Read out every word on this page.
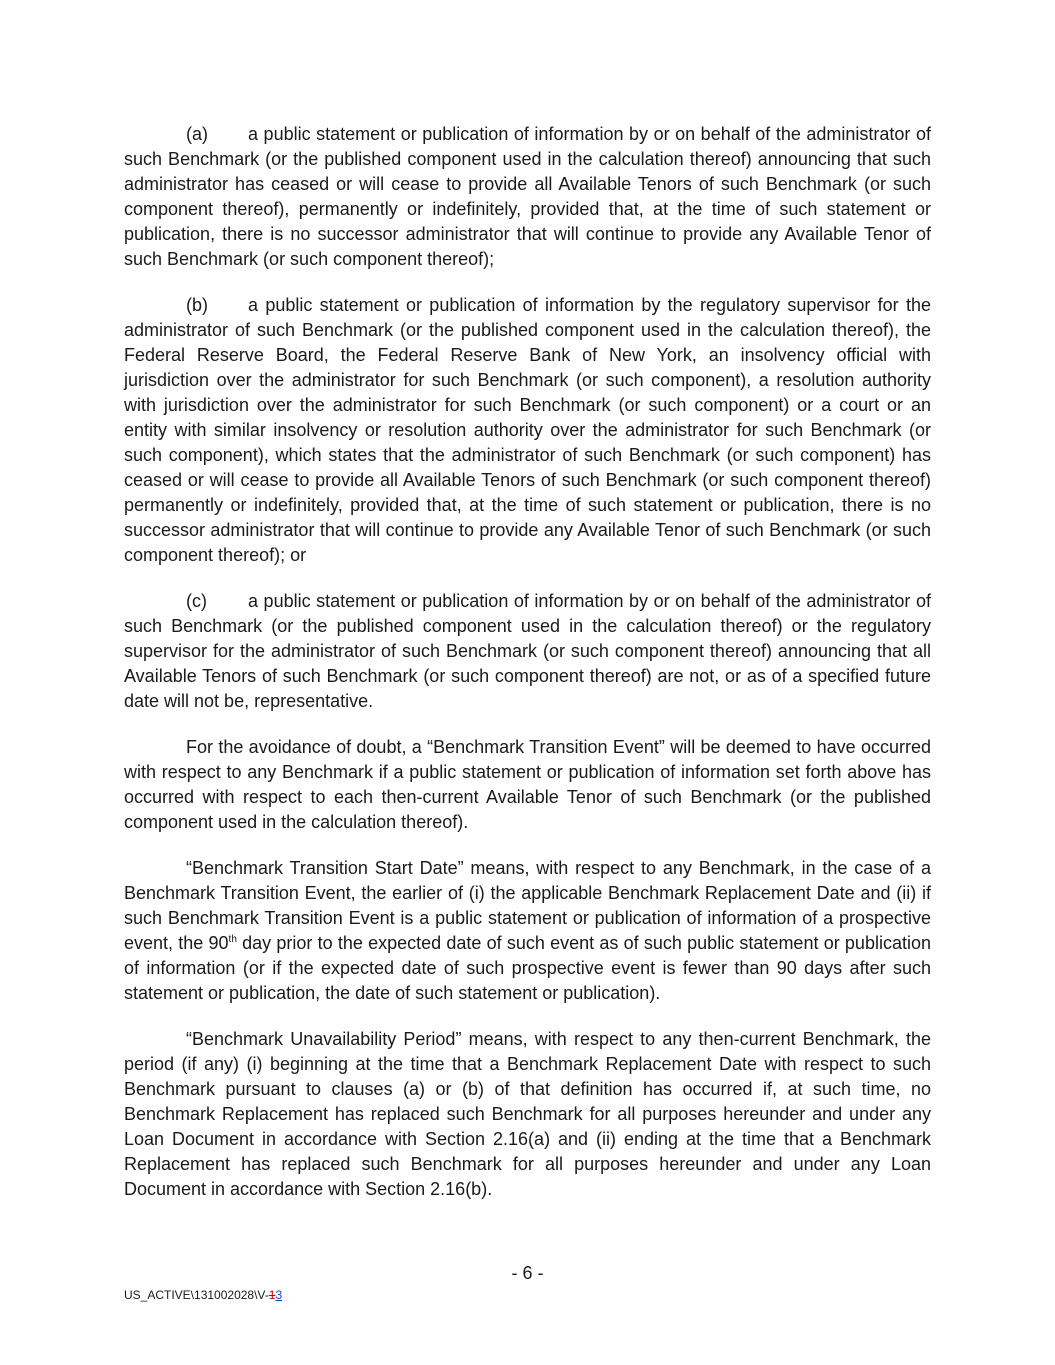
(a) a public statement or publication of information by or on behalf of the administrator of such Benchmark (or the published component used in the calculation thereof) announcing that such administrator has ceased or will cease to provide all Available Tenors of such Benchmark (or such component thereof), permanently or indefinitely, provided that, at the time of such statement or publication, there is no successor administrator that will continue to provide any Available Tenor of such Benchmark (or such component thereof);

(b) a public statement or publication of information by the regulatory supervisor for the administrator of such Benchmark (or the published component used in the calculation thereof), the Federal Reserve Board, the Federal Reserve Bank of New York, an insolvency official with jurisdiction over the administrator for such Benchmark (or such component), a resolution authority with jurisdiction over the administrator for such Benchmark (or such component) or a court or an entity with similar insolvency or resolution authority over the administrator for such Benchmark (or such component), which states that the administrator of such Benchmark (or such component) has ceased or will cease to provide all Available Tenors of such Benchmark (or such component thereof) permanently or indefinitely, provided that, at the time of such statement or publication, there is no successor administrator that will continue to provide any Available Tenor of such Benchmark (or such component thereof); or

(c) a public statement or publication of information by or on behalf of the administrator of such Benchmark (or the published component used in the calculation thereof) or the regulatory supervisor for the administrator of such Benchmark (or such component thereof) announcing that all Available Tenors of such Benchmark (or such component thereof) are not, or as of a specified future date will not be, representative.

For the avoidance of doubt, a “Benchmark Transition Event” will be deemed to have occurred with respect to any Benchmark if a public statement or publication of information set forth above has occurred with respect to each then-current Available Tenor of such Benchmark (or the published component used in the calculation thereof).

“Benchmark Transition Start Date” means, with respect to any Benchmark, in the case of a Benchmark Transition Event, the earlier of (i) the applicable Benchmark Replacement Date and (ii) if such Benchmark Transition Event is a public statement or publication of information of a prospective event, the 90th day prior to the expected date of such event as of such public statement or publication of information (or if the expected date of such prospective event is fewer than 90 days after such statement or publication, the date of such statement or publication).

“Benchmark Unavailability Period” means, with respect to any then-current Benchmark, the period (if any) (i) beginning at the time that a Benchmark Replacement Date with respect to such Benchmark pursuant to clauses (a) or (b) of that definition has occurred if, at such time, no Benchmark Replacement has replaced such Benchmark for all purposes hereunder and under any Loan Document in accordance with Section 2.16(a) and (ii) ending at the time that a Benchmark Replacement has replaced such Benchmark for all purposes hereunder and under any Loan Document in accordance with Section 2.16(b).

- 6 -
US_ACTIVE\131002028\V-13
